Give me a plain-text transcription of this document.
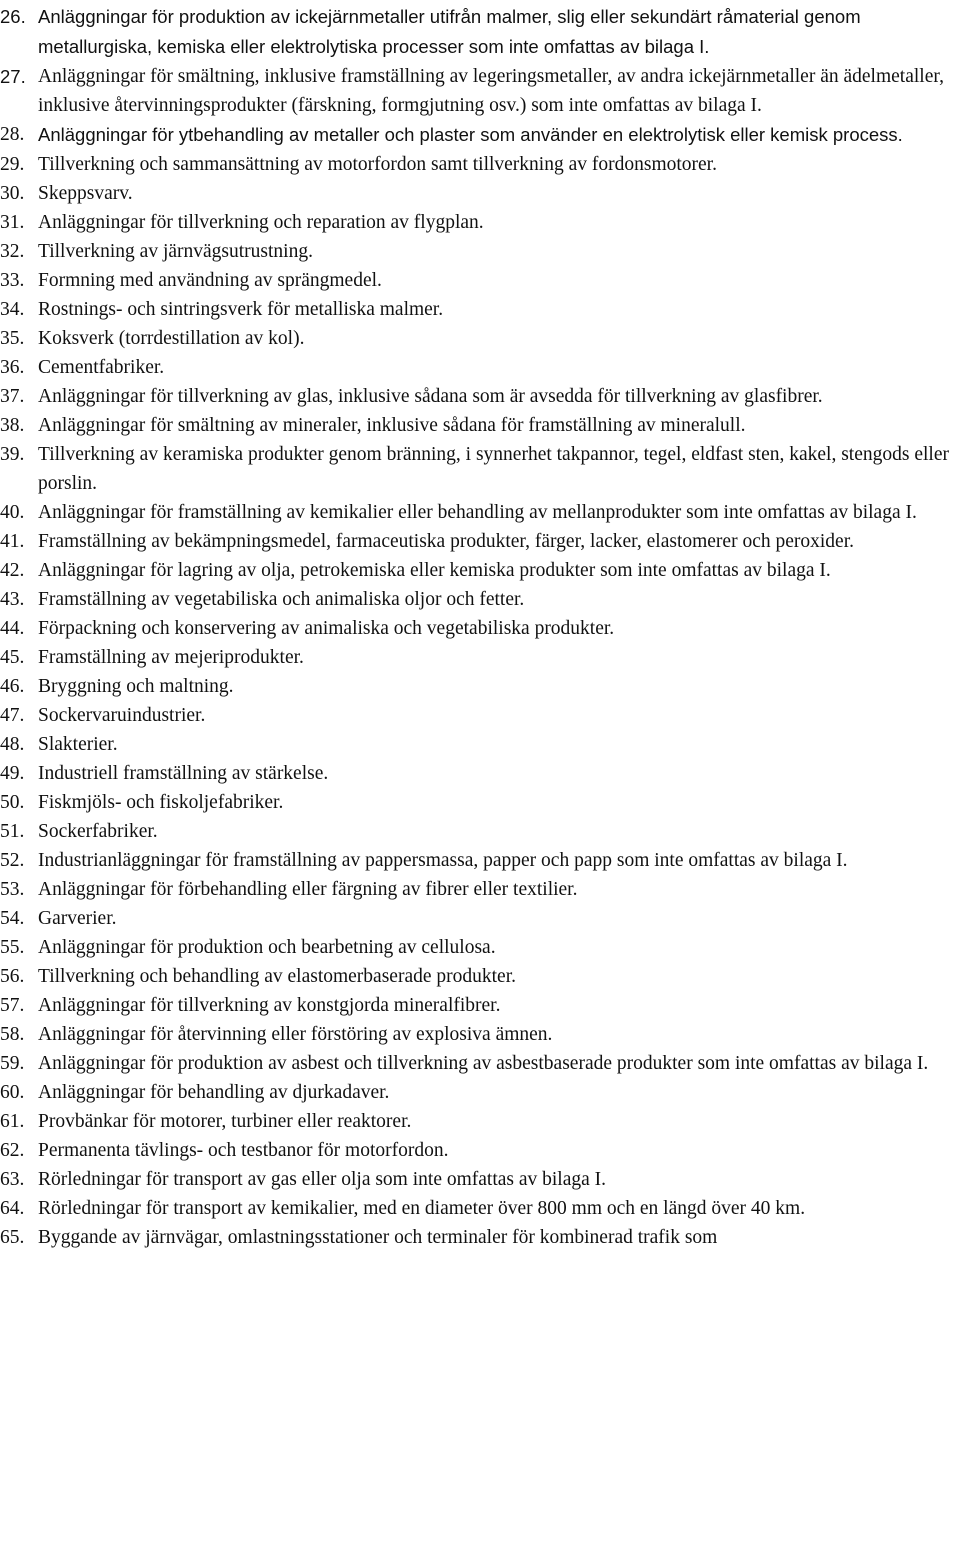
26. Anläggningar för produktion av ickejärnmetaller utifrån malmer, slig eller sekundärt råmaterial genom metallurgiska, kemiska eller elektrolytiska processer som inte omfattas av bilaga I.
27. Anläggningar för smältning, inklusive framställning av legeringsmetaller, av andra ickejärnmetaller än ädelmetaller, inklusive återvinningsprodukter (färskning, formgjutning osv.) som inte omfattas av bilaga I.
28. Anläggningar för ytbehandling av metaller och plaster som använder en elektrolytisk eller kemisk process.
29. Tillverkning och sammansättning av motorfordon samt tillverkning av fordonsmotorer.
30. Skeppsvarv.
31. Anläggningar för tillverkning och reparation av flygplan.
32. Tillverkning av järnvägsutrustning.
33. Formning med användning av sprängmedel.
34. Rostnings- och sintringsverk för metalliska malmer.
35. Koksverk (torrdestillation av kol).
36. Cementfabriker.
37. Anläggningar för tillverkning av glas, inklusive sådana som är avsedda för tillverkning av glasfibrer.
38. Anläggningar för smältning av mineraler, inklusive sådana för framställning av mineralull.
39. Tillverkning av keramiska produkter genom bränning, i synnerhet takpannor, tegel, eldfast sten, kakel, stengods eller porslin.
40. Anläggningar för framställning av kemikalier eller behandling av mellanprodukter som inte omfattas av bilaga I.
41. Framställning av bekämpningsmedel, farmaceutiska produkter, färger, lacker, elastomerer och peroxider.
42. Anläggningar för lagring av olja, petrokemiska eller kemiska produkter som inte omfattas av bilaga I.
43. Framställning av vegetabiliska och animaliska oljor och fetter.
44. Förpackning och konservering av animaliska och vegetabiliska produkter.
45. Framställning av mejeriprodukter.
46. Bryggning och maltning.
47. Sockervaruindustrier.
48. Slakterier.
49. Industriell framställning av stärkelse.
50. Fiskmjöls- och fiskoljefabriker.
51. Sockerfabriker.
52. Industrianläggningar för framställning av pappersmassa, papper och papp som inte omfattas av bilaga I.
53. Anläggningar för förbehandling eller färgning av fibrer eller textilier.
54. Garverier.
55. Anläggningar för produktion och bearbetning av cellulosa.
56. Tillverkning och behandling av elastomerbaserade produkter.
57. Anläggningar för tillverkning av konstgjorda mineralfibrer.
58. Anläggningar för återvinning eller förstöring av explosiva ämnen.
59. Anläggningar för produktion av asbest och tillverkning av asbestbaserade produkter som inte omfattas av bilaga I.
60. Anläggningar för behandling av djurkadaver.
61. Provbänkar för motorer, turbiner eller reaktorer.
62. Permanenta tävlings- och testbanor för motorfordon.
63. Rörledningar för transport av gas eller olja som inte omfattas av bilaga I.
64. Rörledningar för transport av kemikalier, med en diameter över 800 mm och en längd över 40 km.
65. Byggande av järnvägar, omlastningsstationer och terminaler för kombinerad trafik som
